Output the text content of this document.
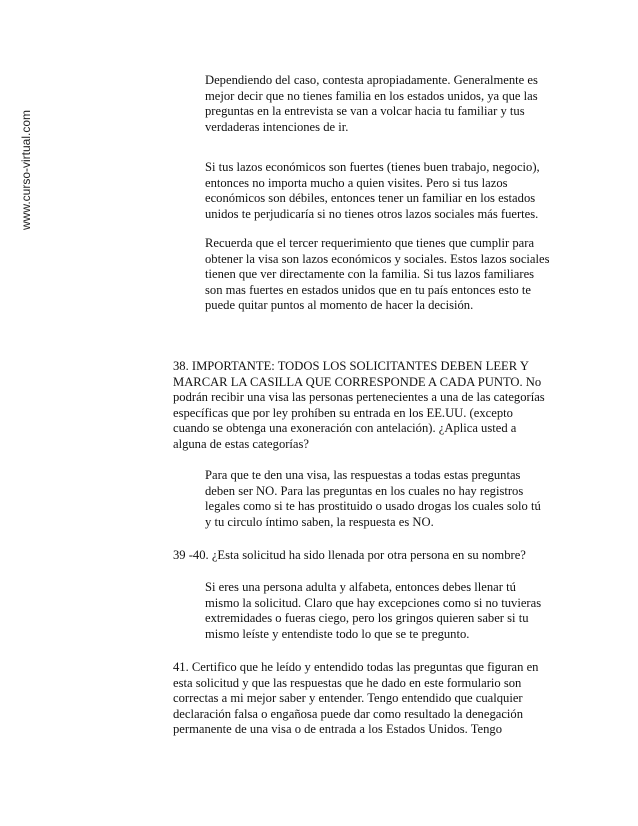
www.curso-virtual.com

Dependiendo del caso, contesta apropiadamente. Generalmente es mejor decir que no tienes familia en los estados unidos, ya que las preguntas en la entrevista se van a volcar hacia tu familiar y tus verdaderas intenciones de ir.

Si tus lazos económicos son fuertes (tienes buen trabajo, negocio), entonces no importa mucho a quien visites. Pero si tus lazos económicos son débiles, entonces tener un familiar en los estados unidos te perjudicaría si no tienes otros lazos sociales más fuertes.

Recuerda que el tercer requerimiento que tienes que cumplir para obtener la visa son lazos económicos y sociales. Estos lazos sociales tienen que ver directamente con la familia. Si tus lazos familiares son mas fuertes en estados unidos que en tu país entonces esto te puede quitar puntos al momento de hacer la decisión.

38. IMPORTANTE: TODOS LOS SOLICITANTES DEBEN LEER Y MARCAR LA CASILLA QUE CORRESPONDE A CADA PUNTO. No podrán recibir una visa las personas pertenecientes a una de las categorías específicas que por ley prohíben su entrada en los EE.UU. (excepto cuando se obtenga una exoneración con antelación). ¿Aplica usted a alguna de estas categorías?

Para que te den una visa, las respuestas a todas estas preguntas deben ser NO. Para las preguntas en los cuales no hay registros legales como si te has prostituido o usado drogas los cuales solo tú y tu circulo íntimo saben, la respuesta es NO.

39 -40. ¿Esta solicitud ha sido llenada por otra persona en su nombre?

Si eres una persona adulta y alfabeta, entonces debes llenar tú mismo la solicitud. Claro que hay excepciones como si no tuvieras extremidades o fueras ciego, pero los gringos quieren saber si tu mismo leíste y entendiste todo lo que se te pregunto.

41. Certifico que he leído y entendido todas las preguntas que figuran en esta solicitud y que las respuestas que he dado en este formulario son correctas a mi mejor saber y entender. Tengo entendido que cualquier declaración falsa o engañosa puede dar como resultado la denegación permanente de una visa o de entrada a los Estados Unidos. Tengo
